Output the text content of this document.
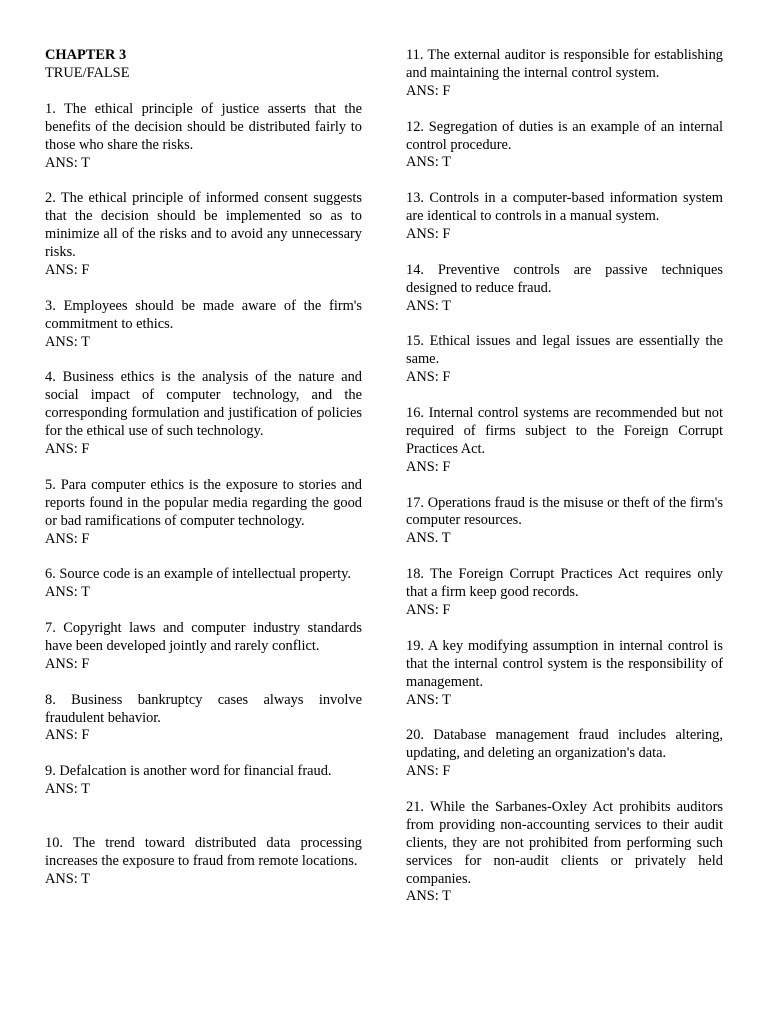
CHAPTER 3
TRUE/FALSE

1. The ethical principle of justice asserts that the benefits of the decision should be distributed fairly to those who share the risks.

ANS: T

2. The ethical principle of informed consent suggests that the decision should be implemented so as to minimize all of the risks and to avoid any unnecessary risks.

ANS: F

3. Employees should be made aware of the firm's commitment to ethics.

ANS: T

4. Business ethics is the analysis of the nature and social impact of computer technology, and the corresponding formulation and justification of policies for the ethical use of such technology.

ANS: F

5. Para computer ethics is the exposure to stories and reports found in the popular media regarding the good or bad ramifications of computer technology.

ANS: F

6. Source code is an example of intellectual property.

ANS: T

7. Copyright laws and computer industry standards have been developed jointly and rarely conflict.

ANS: F

8. Business bankruptcy cases always involve fraudulent behavior.

ANS: F

9. Defalcation is another word for financial fraud.

ANS: T

10. The trend toward distributed data processing increases the exposure to fraud from remote locations.

ANS: T

11. The external auditor is responsible for establishing and maintaining the internal control system.

ANS: F

12. Segregation of duties is an example of an internal control procedure.

ANS: T

13. Controls in a computer-based information system are identical to controls in a manual system.

ANS: F

14. Preventive controls are passive techniques designed to reduce fraud.

ANS: T

15. Ethical issues and legal issues are essentially the same.

ANS: F

16. Internal control systems are recommended but not required of firms subject to the Foreign Corrupt Practices Act.

ANS: F

17. Operations fraud is the misuse or theft of the firm's computer resources.

ANS. T

18. The Foreign Corrupt Practices Act requires only that a firm keep good records.

ANS: F

19. A key modifying assumption in internal control is that the internal control system is the responsibility of management.

ANS: T

20. Database management fraud includes altering, updating, and deleting an organization's data.

ANS: F

21. While the Sarbanes-Oxley Act prohibits auditors from providing non-accounting services to their audit clients, they are not prohibited from performing such services for non-audit clients or privately held companies.

ANS: T
